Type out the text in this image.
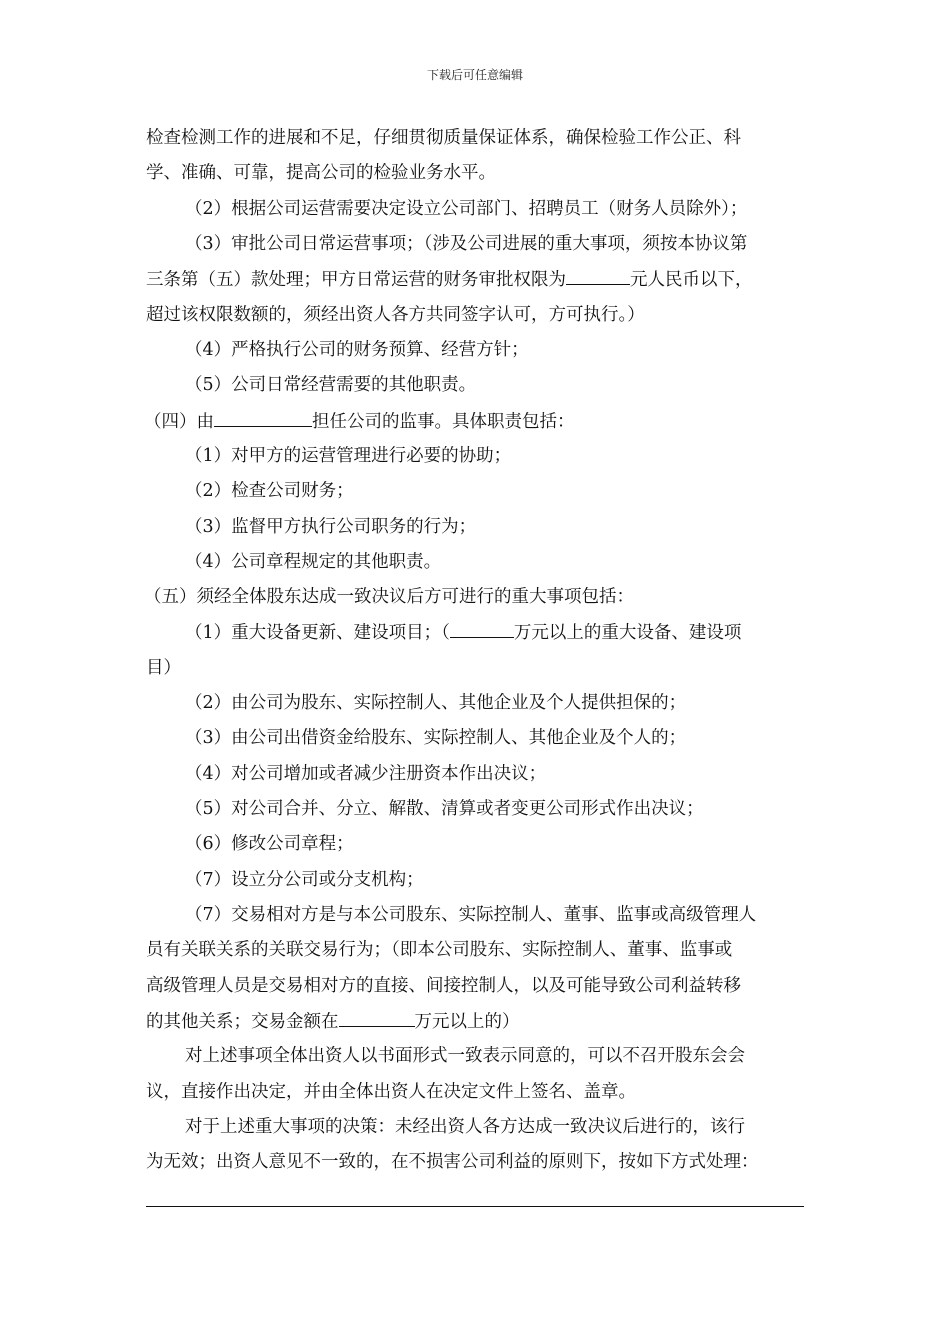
下载后可任意编辑
检查检测工作的进展和不足，仔细贯彻质量保证体系，确保检验工作公正、科
学、准确、可靠，提高公司的检验业务水平。
（2）根据公司运营需要决定设立公司部门、招聘员工（财务人员除外）；
（3）审批公司日常运营事项；（涉及公司进展的重大事项，须按本协议第
三条第（五）款处理；甲方日常运营的财务审批权限为	元人民币以下，
超过该权限数额的，须经出资人各方共同签字认可，方可执行。）
（4）严格执行公司的财务预算、经营方针；
（5）公司日常经营需要的其他职责。
（四）由	担任公司的监事。具体职责包括：
（1）对甲方的运营管理进行必要的协助；
（2）检查公司财务；
（3）监督甲方执行公司职务的行为；
（4）公司章程规定的其他职责。
（五）须经全体股东达成一致决议后方可进行的重大事项包括：
（1）重大设备更新、建设项目；（	万元以上的重大设备、建设项
目）
（2）由公司为股东、实际控制人、其他企业及个人提供担保的；
（3）由公司出借资金给股东、实际控制人、其他企业及个人的；
（4）对公司增加或者减少注册资本作出决议；
（5）对公司合并、分立、解散、清算或者变更公司形式作出决议；
（6）修改公司章程；
（7）设立分公司或分支机构；
（7）交易相对方是与本公司股东、实际控制人、董事、监事或高级管理人
员有关联关系的关联交易行为；（即本公司股东、实际控制人、董事、监事或
高级管理人员是交易相对方的直接、间接控制人，以及可能导致公司利益转移
的其他关系；交易金额在	万元以上的）
对上述事项全体出资人以书面形式一致表示同意的，可以不召开股东会会
议，直接作出决定，并由全体出资人在决定文件上签名、盖章。
对于上述重大事项的决策：未经出资人各方达成一致决议后进行的，该行
为无效；出资人意见不一致的，在不损害公司利益的原则下，按如下方式处理：
